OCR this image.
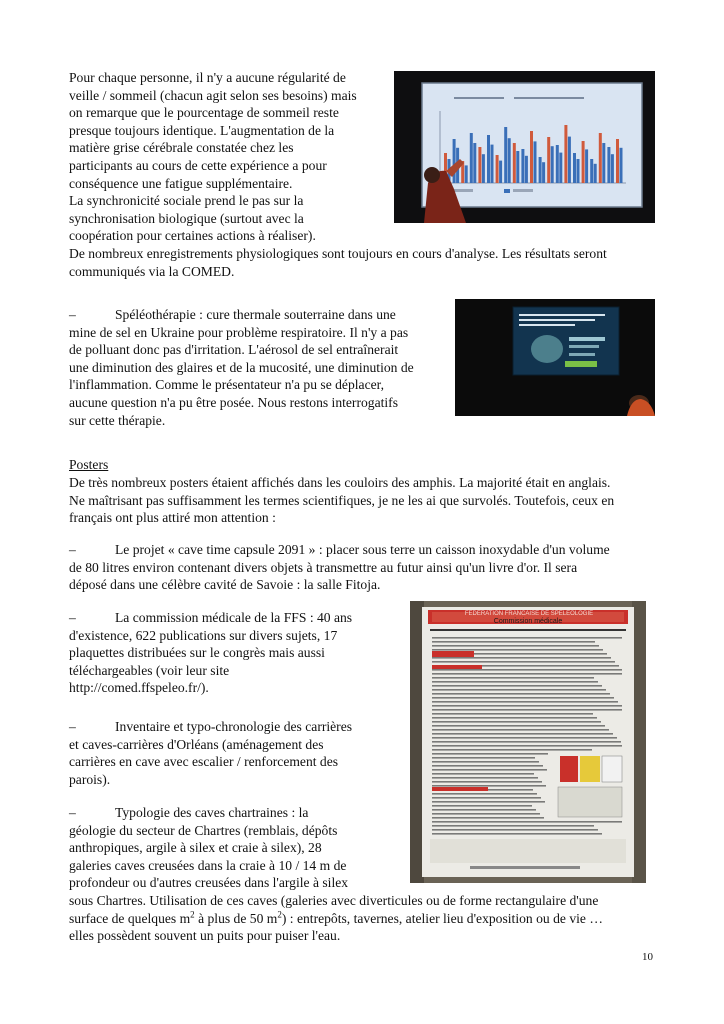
Pour chaque personne, il n'y a aucune régularité de
veille / sommeil (chacun agit selon ses besoins) mais
on remarque que le pourcentage de sommeil reste
presque toujours identique. L'augmentation de la
matière grise cérébrale constatée chez les
participants au cours de cette expérience a pour
conséquence une fatigue supplémentaire.
La synchronicité sociale prend le pas sur la
synchronisation biologique (surtout avec la
coopération pour certaines actions à réaliser).
De nombreux enregistrements physiologiques sont toujours en cours d'analyse. Les résultats seront
communiqués via la COMED.
–	Spéléothérapie : cure thermale souterraine dans une
mine de sel en Ukraine pour problème respiratoire. Il n'y a pas
de polluant donc pas d'irritation. L'aérosol de sel entraînerait
une diminution des glaires et de la mucosité, une diminution de
l'inflammation. Comme le présentateur n'a pu se déplacer,
aucune question n'a pu être posée. Nous restons interrogatifs
sur cette thérapie.
Posters
De très nombreux posters étaient affichés dans les couloirs des amphis. La majorité était en anglais.
Ne maîtrisant pas suffisamment les termes scientifiques, je ne les ai que survolés. Toutefois, ceux en
français ont plus attiré mon attention :
–	Le projet « cave time capsule 2091 » : placer sous terre un caisson inoxydable d'un volume
de 80 litres environ contenant divers objets à transmettre au futur ainsi qu'un livre d'or. Il sera
déposé dans une célèbre cavité de Savoie : la salle Fitoja.
–	La commission médicale de la FFS : 40 ans
d'existence, 622 publications sur divers sujets, 17
plaquettes distribuées sur le congrès mais aussi
téléchargeables (voir leur site
http://comed.ffspeleo.fr/).
–	Inventaire et typo-chronologie des carrières
et caves-carrières d'Orléans (aménagement des
carrières en cave avec escalier / renforcement des
parois).
–	Typologie des caves chartraines : la
géologie du secteur de Chartres (remblais, dépôts
anthropiques, argile à silex et craie à silex), 28
galeries caves creusées dans la craie à 10 / 14 m de
profondeur ou d'autres creusées dans l'argile à silex
sous Chartres. Utilisation de ces caves (galeries avec diverticules ou de forme rectangulaire d'une
surface de quelques $m^2$ à plus de 50 $m^2$) : entrepôts, tavernes, atelier lieu d'exposition ou de vie …
elles possèdent souvent un puits pour puiser l'eau.
FEDERATION FRANCAISE DE SPELEOLOGIE
Commission médicale
10
